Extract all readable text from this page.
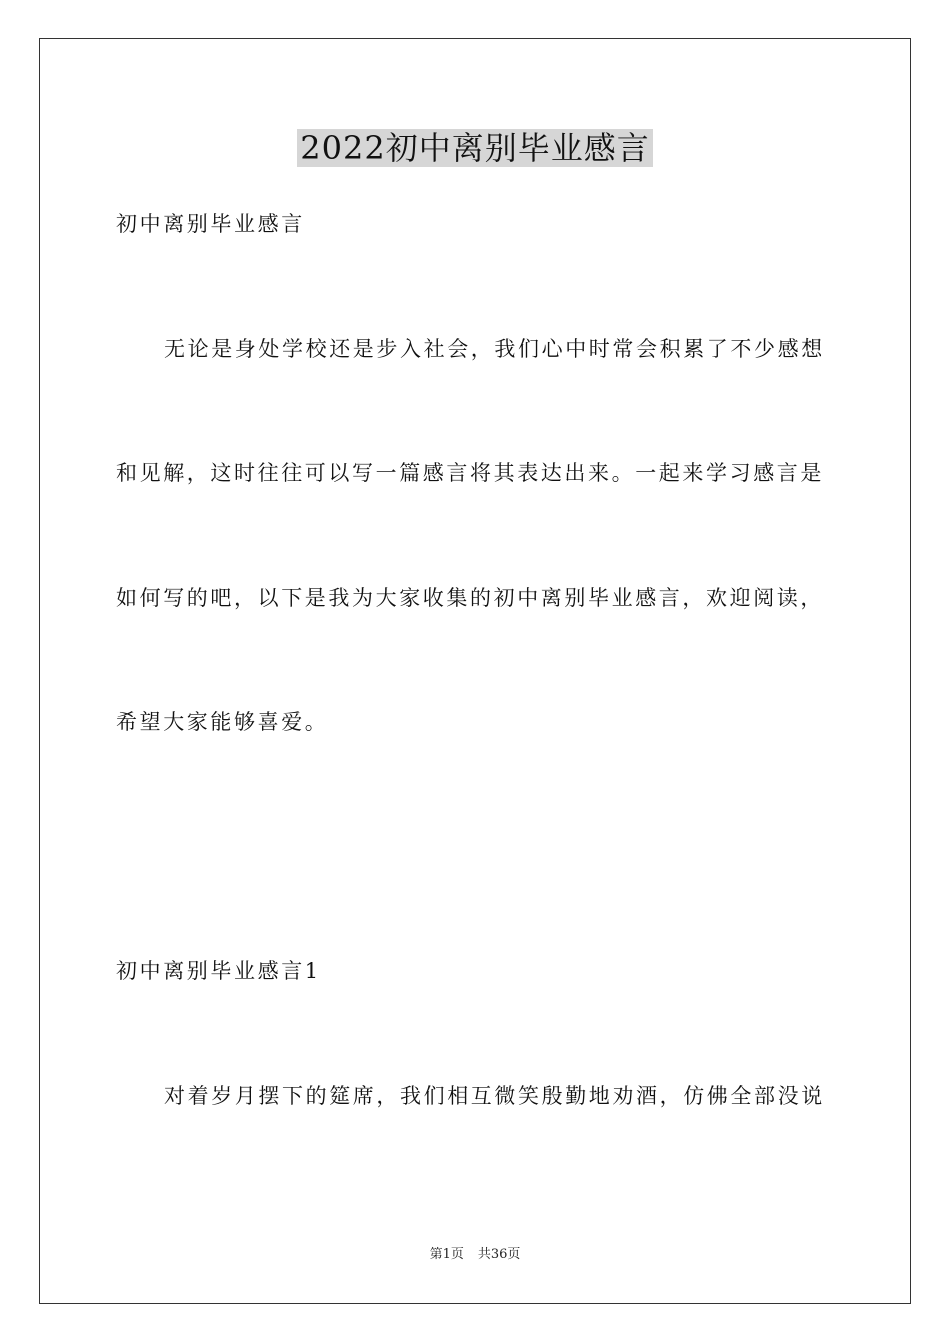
2022初中离别毕业感言
初中离别毕业感言
无论是身处学校还是步入社会，我们心中时常会积累了不少感想
和见解，这时往往可以写一篇感言将其表达出来。一起来学习感言是
如何写的吧，以下是我为大家收集的初中离别毕业感言，欢迎阅读，
希望大家能够喜爱。
初中离别毕业感言1
对着岁月摆下的筵席，我们相互微笑殷勤地劝酒，仿佛全部没说
第1页 共36页
